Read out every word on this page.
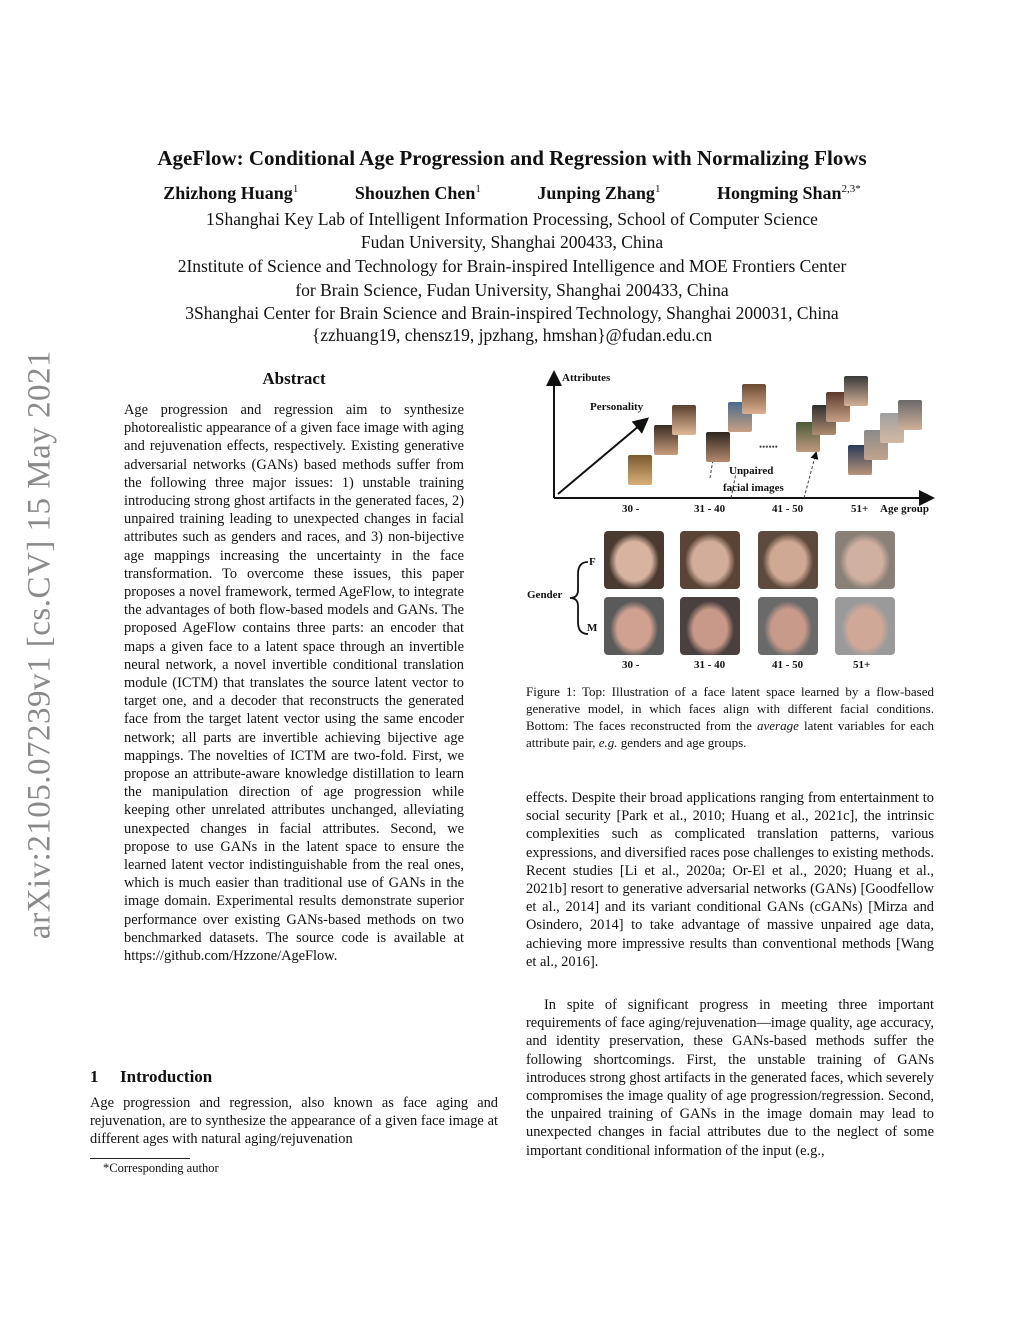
arXiv:2105.07239v1 [cs.CV] 15 May 2021
AgeFlow: Conditional Age Progression and Regression with Normalizing Flows
Zhizhong Huang$^1$	Shouzhen Chen$^1$	Junping Zhang$^1$	Hongming Shan$^{2,3*}$
1Shanghai Key Lab of Intelligent Information Processing, School of Computer Science
Fudan University, Shanghai 200433, China
2Institute of Science and Technology for Brain-inspired Intelligence and MOE Frontiers Center
for Brain Science, Fudan University, Shanghai 200433, China
3Shanghai Center for Brain Science and Brain-inspired Technology, Shanghai 200031, China
{zzhuang19, chensz19, jpzhang, hmshan}@fudan.edu.cn
Abstract
Age progression and regression aim to synthesize photorealistic appearance of a given face image with aging and rejuvenation effects, respectively. Existing generative adversarial networks (GANs) based methods suffer from the following three major issues: 1) unstable training introducing strong ghost artifacts in the generated faces, 2) unpaired training leading to unexpected changes in facial attributes such as genders and races, and 3) non-bijective age mappings increasing the uncertainty in the face transformation. To overcome these issues, this paper proposes a novel framework, termed AgeFlow, to integrate the advantages of both flow-based models and GANs. The proposed AgeFlow contains three parts: an encoder that maps a given face to a latent space through an invertible neural network, a novel invertible conditional translation module (ICTM) that translates the source latent vector to target one, and a decoder that reconstructs the generated face from the target latent vector using the same encoder network; all parts are invertible achieving bijective age mappings. The novelties of ICTM are two-fold. First, we propose an attribute-aware knowledge distillation to learn the manipulation direction of age progression while keeping other unrelated attributes unchanged, alleviating unexpected changes in facial attributes. Second, we propose to use GANs in the latent space to ensure the learned latent vector indistinguishable from the real ones, which is much easier than traditional use of GANs in the image domain. Experimental results demonstrate superior performance over existing GANs-based methods on two benchmarked datasets. The source code is available at https://github.com/Hzzone/AgeFlow.
1 Introduction
Age progression and regression, also known as face aging and rejuvenation, are to synthesize the appearance of a given face image at different ages with natural aging/rejuvenation
*Corresponding author
Attributes
Personality
Unpaired
facial images
••••••
Age group
30 -	31 - 40	41 - 50	51+
Gender
F
M
30 -	31 - 40	41 - 50	51+
Figure 1: Top: Illustration of a face latent space learned by a flow-based generative model, in which faces align with different facial conditions. Bottom: The faces reconstructed from the average latent variables for each attribute pair, e.g. genders and age groups.
effects. Despite their broad applications ranging from entertainment to social security [Park et al., 2010; Huang et al., 2021c], the intrinsic complexities such as complicated translation patterns, various expressions, and diversified races pose challenges to existing methods. Recent studies [Li et al., 2020a; Or-El et al., 2020; Huang et al., 2021b] resort to generative adversarial networks (GANs) [Goodfellow et al., 2014] and its variant conditional GANs (cGANs) [Mirza and Osindero, 2014] to take advantage of massive unpaired age data, achieving more impressive results than conventional methods [Wang et al., 2016].
In spite of significant progress in meeting three important requirements of face aging/rejuvenation—image quality, age accuracy, and identity preservation, these GANs-based methods suffer the following shortcomings. First, the unstable training of GANs introduces strong ghost artifacts in the generated faces, which severely compromises the image quality of age progression/regression. Second, the unpaired training of GANs in the image domain may lead to unexpected changes in facial attributes due to the neglect of some important conditional information of the input (e.g.,
